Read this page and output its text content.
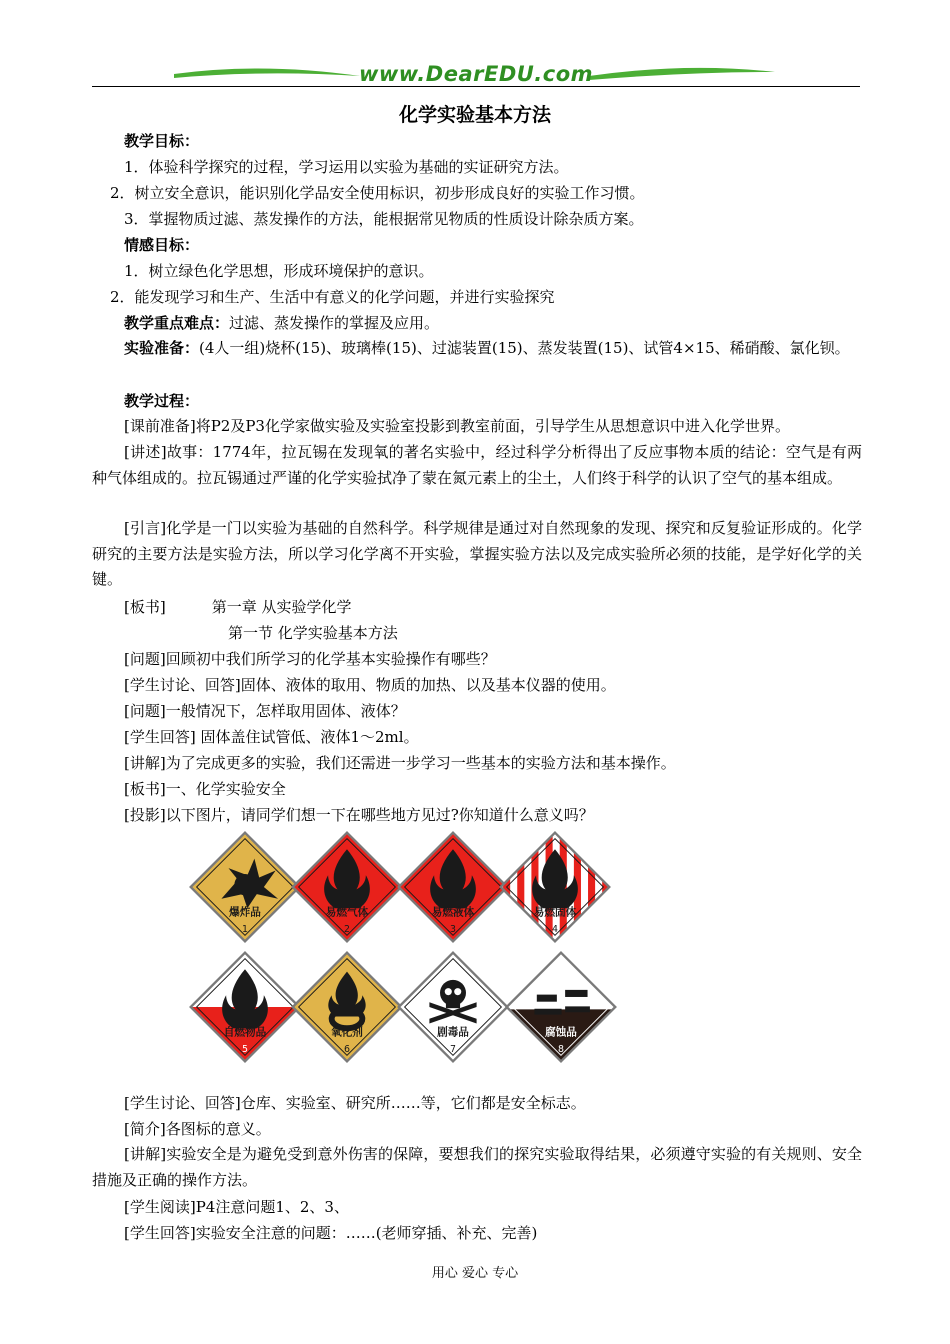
www.DearEDU.com
化学实验基本方法
教学目标：
1．体验科学探究的过程，学习运用以实验为基础的实证研究方法。
2．树立安全意识，能识别化学品安全使用标识，初步形成良好的实验工作习惯。
3．掌握物质过滤、蒸发操作的方法，能根据常见物质的性质设计除杂质方案。
情感目标：
1．树立绿色化学思想，形成环境保护的意识。
2．能发现学习和生产、生活中有意义的化学问题，并进行实验探究
教学重点难点：过滤、蒸发操作的掌握及应用。
实验准备：(4人一组)烧杯(15)、玻璃棒(15)、过滤装置(15)、蒸发装置(15)、试管4×15、稀硝酸、氯化钡。
教学过程：
[课前准备]将P2及P3化学家做实验及实验室投影到教室前面，引导学生从思想意识中进入化学世界。
[讲述]故事：1774年，拉瓦锡在发现氧的著名实验中，经过科学分析得出了反应事物本质的结论：空气是有两种气体组成的。拉瓦锡通过严谨的化学实验拭净了蒙在氮元素上的尘土，人们终于科学的认识了空气的基本组成。
[引言]化学是一门以实验为基础的自然科学。科学规律是通过对自然现象的发现、探究和反复验证形成的。化学研究的主要方法是实验方法，所以学习化学离不开实验，掌握实验方法以及完成实验所必须的技能，是学好化学的关键。
[板书]	第一章 从实验学化学
第一节 化学实验基本方法
[问题]回顾初中我们所学习的化学基本实验操作有哪些？
[学生讨论、回答]固体、液体的取用、物质的加热、以及基本仪器的使用。
[问题]一般情况下，怎样取用固体、液体？
[学生回答] 固体盖住试管低、液体1～2ml。
[讲解]为了完成更多的实验，我们还需进一步学习一些基本的实验方法和基本操作。
[板书]一、化学实验安全
[投影]以下图片，请同学们想一下在哪些地方见过?你知道什么意义吗？
爆炸品
1
易燃气体
2
易燃液体
3
易燃固体
4
自燃物品
5
氧化剂
6
剧毒品
7
腐蚀品
8
[学生讨论、回答]仓库、实验室、研究所……等，它们都是安全标志。
[简介]各图标的意义。
[讲解]实验安全是为避免受到意外伤害的保障，要想我们的探究实验取得结果，必须遵守实验的有关规则、安全措施及正确的操作方法。
[学生阅读]P4注意问题1、2、3、
[学生回答]实验安全注意的问题：……(老师穿插、补充、完善)
用心 爱心 专心
